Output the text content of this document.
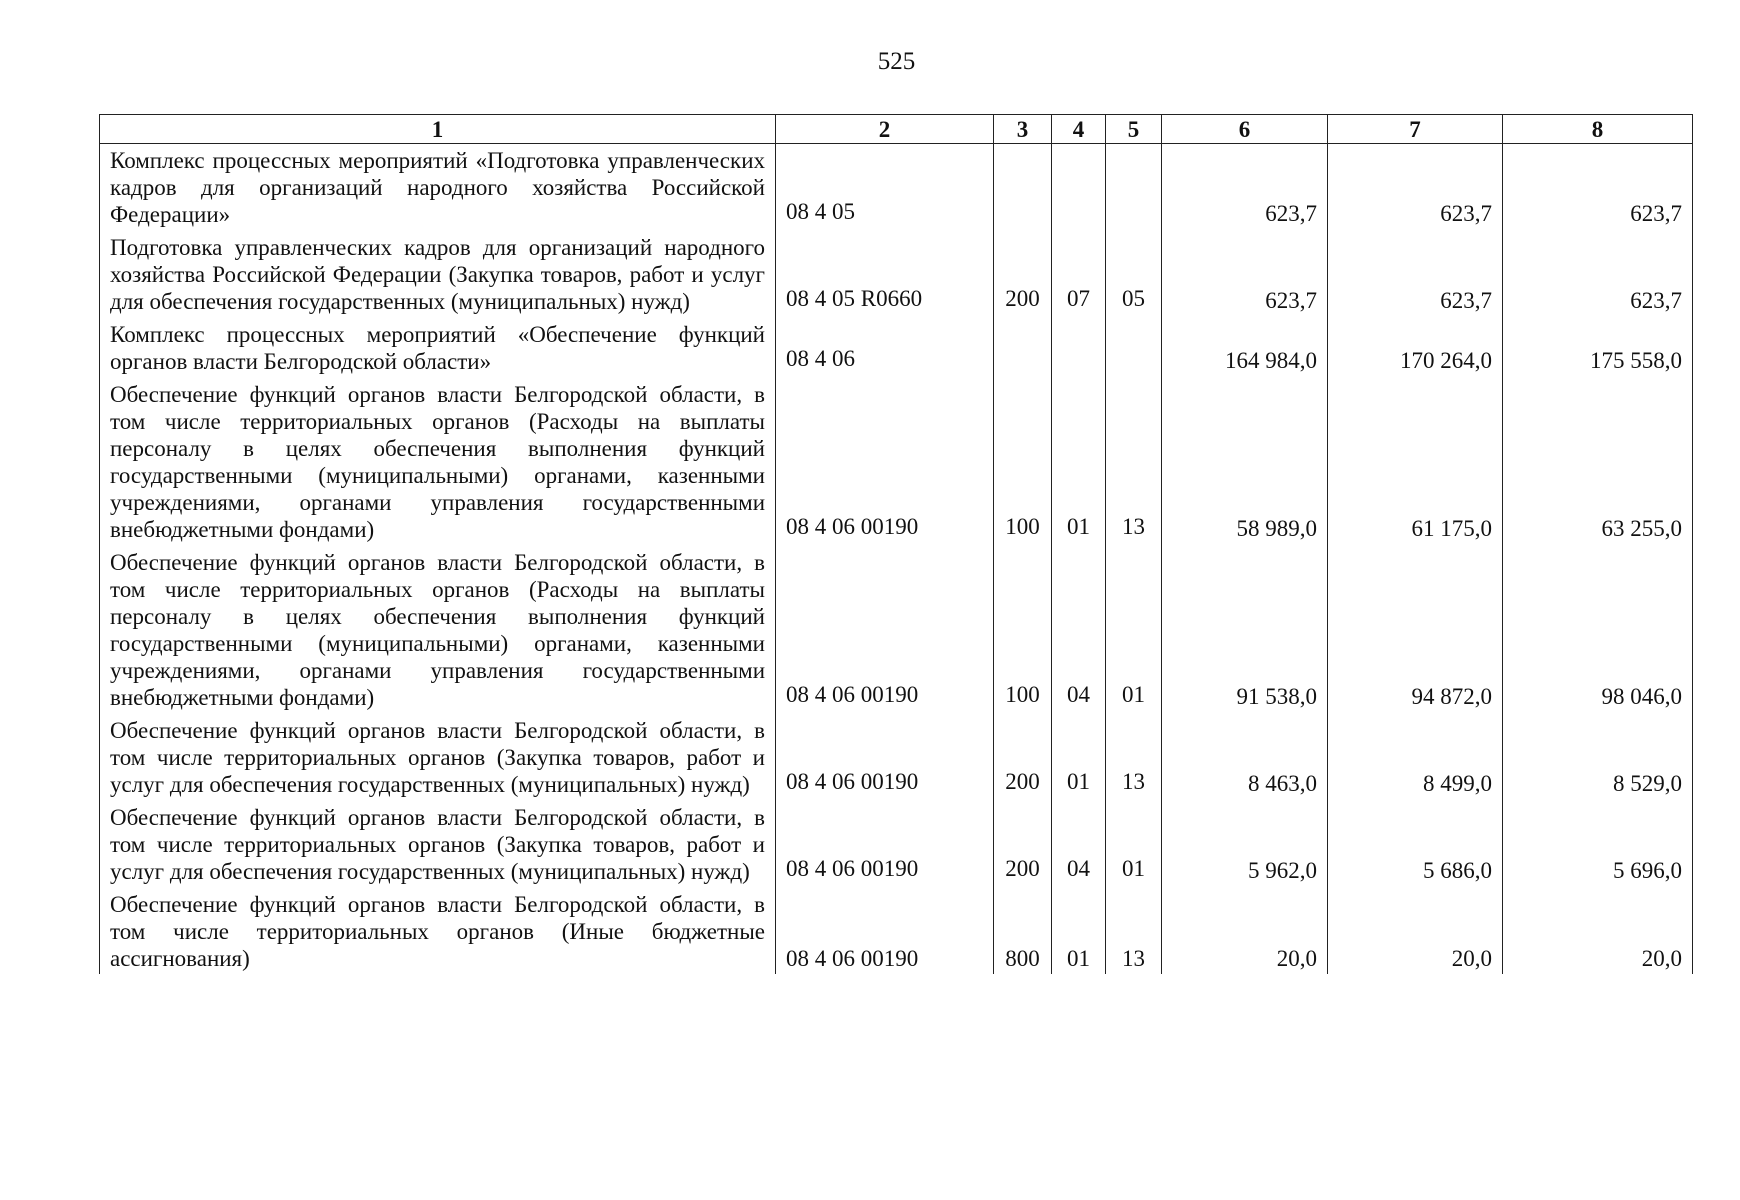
525
1	2	3	4	5	6	7	8
Комплекс процессных мероприятий «Подготовка управленческих кадров для организаций народного хозяйства Российской Федерации»	08 4 05				623,7	623,7	623,7
Подготовка управленческих кадров для организаций народного хозяйства Российской Федерации (Закупка товаров, работ и услуг для обеспечения государственных (муниципальных) нужд)	08 4 05 R0660	200	07	05	623,7	623,7	623,7
Комплекс процессных мероприятий «Обеспечение функций органов власти Белгородской области»	08 4 06				164 984,0	170 264,0	175 558,0
Обеспечение функций органов власти Белгородской области, в том числе территориальных органов (Расходы на выплаты персоналу в целях обеспечения выполнения функций государственными (муниципальными) органами, казенными учреждениями, органами управления государственными внебюджетными фондами)	08 4 06 00190	100	01	13	58 989,0	61 175,0	63 255,0
Обеспечение функций органов власти Белгородской области, в том числе территориальных органов (Расходы на выплаты персоналу в целях обеспечения выполнения функций государственными (муниципальными) органами, казенными учреждениями, органами управления государственными внебюджетными фондами)	08 4 06 00190	100	04	01	91 538,0	94 872,0	98 046,0
Обеспечение функций органов власти Белгородской области, в том числе территориальных органов (Закупка товаров, работ и услуг для обеспечения государственных (муниципальных) нужд)	08 4 06 00190	200	01	13	8 463,0	8 499,0	8 529,0
Обеспечение функций органов власти Белгородской области, в том числе территориальных органов (Закупка товаров, работ и услуг для обеспечения государственных (муниципальных) нужд)	08 4 06 00190	200	04	01	5 962,0	5 686,0	5 696,0
Обеспечение функций органов власти Белгородской области, в том числе территориальных органов (Иные бюджетные ассигнования)	08 4 06 00190	800	01	13	20,0	20,0	20,0
